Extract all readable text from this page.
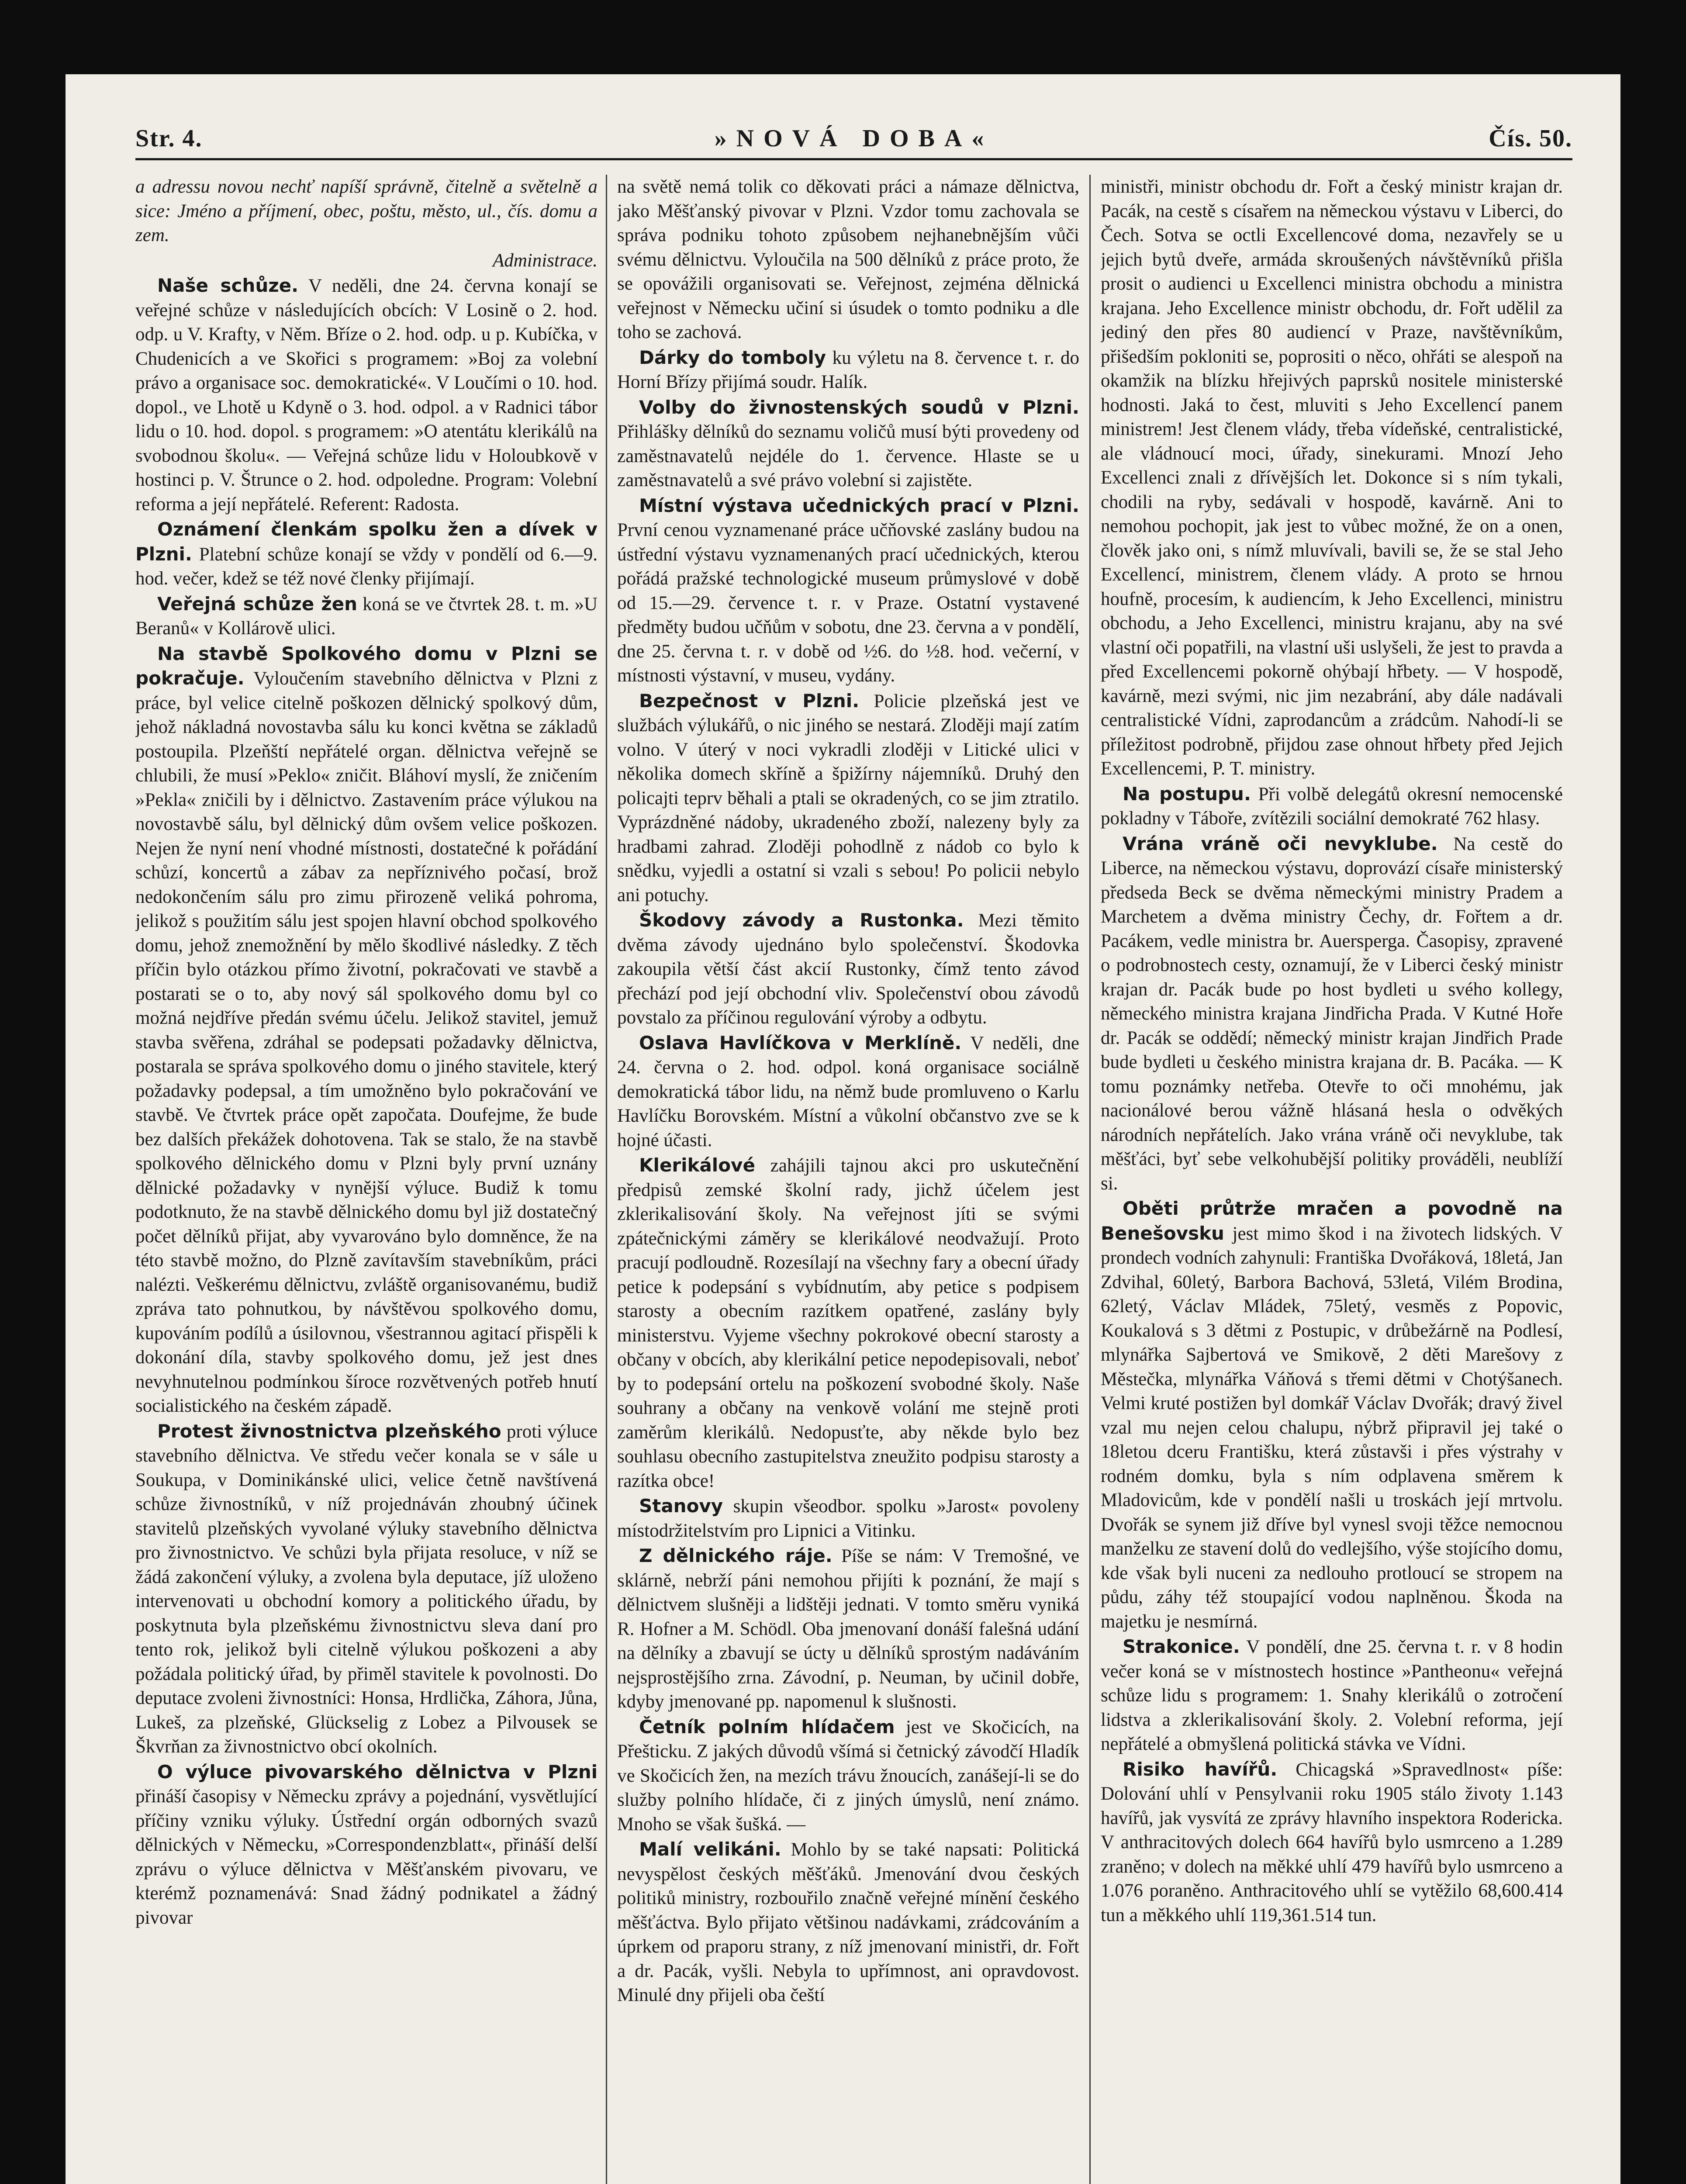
Str. 4.	»NOVÁ DOBA«	Čís. 50.

a adressu novou nechť napíší správně, čitelně a světelně a sice: Jméno a příjmení, obec, poštu, město, ul., čís. domu a zem.

Administrace.

Naše schůze. V neděli, dne 24. června konají se veřejné schůze v následujících obcích: V Losině o 2. hod. odp. u V. Krafty, v Něm. Bříze o 2. hod. odp. u p. Kubíčka, v Chudenicích a ve Skořici s programem: »Boj za volební právo a organisace soc. demokratické«. V Loučími o 10. hod. dopol., ve Lhotě u Kdyně o 3. hod. odpol. a v Radnici tábor lidu o 10. hod. dopol. s programem: »O atentátu klerikálů na svobodnou školu«. — Veřejná schůze lidu v Holoubkově v hostinci p. V. Štrunce o 2. hod. odpoledne. Program: Volební reforma a její nepřátelé. Referent: Radosta.

Oznámení členkám spolku žen a dívek v Plzni. Platební schůze konají se vždy v pondělí od 6.—9. hod. večer, kdež se též nové členky přijímají.

Veřejná schůze žen koná se ve čtvrtek 28. t. m. »U Beranů« v Kollárově ulici.

Na stavbě Spolkového domu v Plzni se pokračuje. Vyloučením stavebního dělnictva v Plzni z práce, byl velice citelně poškozen dělnický spolkový dům, jehož nákladná novostavba sálu ku konci května se základů postoupila. Plzeňští nepřátelé organ. dělnictva veřejně se chlubili, že musí »Peklo« zničit. Bláhoví myslí, že zničením »Pekla« zničili by i dělnictvo. Zastavením práce výlukou na novostavbě sálu, byl dělnický dům ovšem velice poškozen. Nejen že nyní není vhodné místnosti, dostatečné k pořádání schůzí, koncertů a zábav za nepříznivého počasí, brož nedokončením sálu pro zimu přirozeně veliká pohroma, jelikož s použitím sálu jest spojen hlavní obchod spolkového domu, jehož znemožnění by mělo škodlivé následky. Z těch příčin bylo otázkou přímo životní, pokračovati ve stavbě a postarati se o to, aby nový sál spolkového domu byl co možná nejdříve předán svému účelu. Jelikož stavitel, jemuž stavba svěřena, zdráhal se podepsati požadavky dělnictva, postarala se správa spolkového domu o jiného stavitele, který požadavky podepsal, a tím umožněno bylo pokračování ve stavbě. Ve čtvrtek práce opět započata. Doufejme, že bude bez dalších překážek dohotovena. Tak se stalo, že na stavbě spolkového dělnického domu v Plzni byly první uznány dělnické požadavky v nynější výluce. Budiž k tomu podotknuto, že na stavbě dělnického domu byl již dostatečný počet dělníků přijat, aby vyvarováno bylo domněnce, že na této stavbě možno, do Plzně zavítavším stavebníkům, práci nalézti. Veškerému dělnictvu, zvláště organisovanému, budiž zpráva tato pohnutkou, by návštěvou spolkového domu, kupováním podílů a úsilovnou, všestrannou agitací přispěli k dokonání díla, stavby spolkového domu, jež jest dnes nevyhnutelnou podmínkou šíroce rozvětvených potřeb hnutí socialistického na českém západě.

Protest živnostnictva plzeňského proti výluce stavebního dělnictva. Ve středu večer konala se v sále u Soukupa, v Dominikánské ulici, velice četně navštívená schůze živnostníků, v níž projednáván zhoubný účinek stavitelů plzeňských vyvolané výluky stavebního dělnictva pro živnostnictvo. Ve schůzi byla přijata resoluce, v níž se žádá zakončení výluky, a zvolena byla deputace, jíž uloženo intervenovati u obchodní komory a politického úřadu, by poskytnuta byla plzeňskému živnostnictvu sleva daní pro tento rok, jelikož byli citelně výlukou poškozeni a aby požádala politický úřad, by přiměl stavitele k povolnosti. Do deputace zvoleni živnostníci: Honsa, Hrdlička, Záhora, Jůna, Lukeš, za plzeňské, Glückselig z Lobez a Pilvousek se Škvrňan za živnostnictvo obcí okolních.

O výluce pivovarského dělnictva v Plzni přináší časopisy v Německu zprávy a pojednání, vysvětlující příčiny vzniku výluky. Ústřední orgán odborných svazů dělnických v Německu, »Correspondenzblatt«, přináší delší zprávu o výluce dělnictva v Měšťanském pivovaru, ve kterémž poznamenává: Snad žádný podnikatel a žádný pivovar

na světě nemá tolik co děkovati práci a námaze dělnictva, jako Měšťanský pivovar v Plzni. Vzdor tomu zachovala se správa podniku tohoto způsobem nejhanebnějším vůči svému dělnictvu. Vyloučila na 500 dělníků z práce proto, že se opovážili organisovati se. Veřejnost, zejména dělnická veřejnost v Německu učiní si úsudek o tomto podniku a dle toho se zachová.

Dárky do tomboly ku výletu na 8. července t. r. do Horní Břízy přijímá soudr. Halík.

Volby do živnostenských soudů v Plzni. Přihlášky dělníků do seznamu voličů musí býti provedeny od zaměstnavatelů nejdéle do 1. července. Hlaste se u zaměstnavatelů a své právo volební si zajistěte.

Místní výstava učednických prací v Plzni. První cenou vyznamenané práce učňovské zaslány budou na ústřední výstavu vyznamenaných prací učednických, kterou pořádá pražské technologické museum průmyslové v době od 15.—29. července t. r. v Praze. Ostatní vystavené předměty budou učňům v sobotu, dne 23. června a v pondělí, dne 25. června t. r. v době od ½6. do ½8. hod. večerní, v místnosti výstavní, v museu, vydány.

Bezpečnost v Plzni. Policie plzeňská jest ve službách výlukářů, o nic jiného se nestará. Zloději mají zatím volno. V úterý v noci vykradli zloději v Litické ulici v několika domech skříně a špižírny nájemníků. Druhý den policajti teprv běhali a ptali se okradených, co se jim ztratilo. Vyprázdněné nádoby, ukradeného zboží, nalezeny byly za hradbami zahrad. Zloději pohodlně z nádob co bylo k snědku, vyjedli a ostatní si vzali s sebou! Po policii nebylo ani potuchy.

Škodovy závody a Rustonka. Mezi těmito dvěma závody ujednáno bylo společenství. Škodovka zakoupila větší část akcií Rustonky, čímž tento závod přechází pod její obchodní vliv. Společenství obou závodů povstalo za příčinou regulování výroby a odbytu.

Oslava Havlíčkova v Merklíně. V neděli, dne 24. června o 2. hod. odpol. koná organisace sociálně demokratická tábor lidu, na němž bude promluveno o Karlu Havlíčku Borovském. Místní a vůkolní občanstvo zve se k hojné účasti.

Klerikálové zahájili tajnou akci pro uskutečnění předpisů zemské školní rady, jichž účelem jest zklerikalisování školy. Na veřejnost jíti se svými zpátečnickými záměry se klerikálové neodvažují. Proto pracují podloudně. Rozesílají na všechny fary a obecní úřady petice k podepsání s vybídnutím, aby petice s podpisem starosty a obecním razítkem opatřené, zaslány byly ministerstvu. Vyjeme všechny pokrokové obecní starosty a občany v obcích, aby klerikální petice nepodepisovali, neboť by to podepsání ortelu na poškození svobodné školy. Naše souhrany a občany na venkově volání me stejně proti zaměrům klerikálů. Nedopusťte, aby někde bylo bez souhlasu obecního zastupitelstva zneužito podpisu starosty a razítka obce!

Stanovy skupin všeodbor. spolku »Jarost« povoleny místodržitelstvím pro Lipnici a Vitinku.

Z dělnického ráje. Píše se nám: V Tremošné, ve sklárně, nebrží páni nemohou přijíti k poznání, že mají s dělnictvem slušněji a lidštěji jednati. V tomto směru vyniká R. Hofner a M. Schödl. Oba jmenovaní donáší falešná udání na dělníky a zbavují se úcty u dělníků sprostým nadáváním nejsprostějšího zrna. Závodní, p. Neuman, by učinil dobře, kdyby jmenované pp. napomenul k slušnosti.

Četník polním hlídačem jest ve Skočicích, na Přešticku. Z jakých důvodů všímá si četnický závodčí Hladík ve Skočicích žen, na mezích trávu žnoucích, zanášejí-li se do služby polního hlídače, či z jiných úmyslů, není známo. Mnoho se však šušká. —

Malí velikáni. Mohlo by se také napsati: Politická nevyspělost českých měšťáků. Jmenování dvou českých politiků ministry, rozbouřilo značně veřejné mínění českého měšťáctva. Bylo přijato většinou nadávkami, zrádcováním a úprkem od praporu strany, z níž jmenovaní ministři, dr. Fořt a dr. Pacák, vyšli. Nebyla to upřímnost, ani opravdovost. Minulé dny přijeli oba čeští

ministři, ministr obchodu dr. Fořt a český ministr krajan dr. Pacák, na cestě s císařem na německou výstavu v Liberci, do Čech. Sotva se octli Excellencové doma, nezavřely se u jejich bytů dveře, armáda skroušených návštěvníků přišla prosit o audienci u Excellenci ministra obchodu a ministra krajana. Jeho Excellence ministr obchodu, dr. Fořt udělil za jediný den přes 80 audiencí v Praze, navštěvníkům, přišedším pokloniti se, poprositi o něco, ohřáti se alespoň na okamžik na blízku hřejivých paprsků nositele ministerské hodnosti. Jaká to čest, mluviti s Jeho Excellencí panem ministrem! Jest členem vlády, třeba vídeňské, centralistické, ale vládnoucí moci, úřady, sinekurami. Mnozí Jeho Excellenci znali z dřívějších let. Dokonce si s ním tykali, chodili na ryby, sedávali v hospodě, kavárně. Ani to nemohou pochopit, jak jest to vůbec možné, že on a onen, člověk jako oni, s nímž mluvívali, bavili se, že se stal Jeho Excellencí, ministrem, členem vlády. A proto se hrnou houfně, procesím, k audiencím, k Jeho Excellenci, ministru obchodu, a Jeho Excellenci, ministru krajanu, aby na své vlastní oči popatřili, na vlastní uši uslyšeli, že jest to pravda a před Excellencemi pokorně ohýbají hřbety. — V hospodě, kavárně, mezi svými, nic jim nezabrání, aby dále nadávali centralistické Vídni, zaprodancům a zrádcům. Nahodí-li se příležitost podrobně, přijdou zase ohnout hřbety před Jejich Excellencemi, P. T. ministry.

Na postupu. Při volbě delegátů okresní nemocenské pokladny v Táboře, zvítězili sociální demokraté 762 hlasy.

Vrána vráně oči nevyklube. Na cestě do Liberce, na německou výstavu, doprovází císaře ministerský předseda Beck se dvěma německými ministry Pradem a Marchetem a dvěma ministry Čechy, dr. Fořtem a dr. Pacákem, vedle ministra br. Auersperga. Časopisy, zpravené o podrobnostech cesty, oznamují, že v Liberci český ministr krajan dr. Pacák bude po host bydleti u svého kollegy, německého ministra krajana Jindřicha Prada. V Kutné Hoře dr. Pacák se oddědí; německý ministr krajan Jindřich Prade bude bydleti u českého ministra krajana dr. B. Pacáka. — K tomu poznámky netřeba. Otevře to oči mnohému, jak nacionálové berou vážně hlásaná hesla o odvěkých národních nepřátelích. Jako vrána vráně oči nevyklube, tak měšťáci, byť sebe velkohubější politiky prováděli, neublíží si.

Oběti průtrže mračen a povodně na Benešovsku jest mimo škod i na životech lidských. V prondech vodních zahynuli: Františka Dvořáková, 18letá, Jan Zdvihal, 60letý, Barbora Bachová, 53letá, Vilém Brodina, 62letý, Václav Mládek, 75letý, vesměs z Popovic, Koukalová s 3 dětmi z Postupic, v drůbežárně na Podlesí, mlynářka Sajbertová ve Smikově, 2 děti Marešovy z Městečka, mlynářka Váňová s třemi dětmi v Chotýšanech. Velmi kruté postižen byl domkář Václav Dvořák; dravý živel vzal mu nejen celou chalupu, nýbrž připravil jej také o 18letou dceru Františku, která zůstavši i přes výstrahy v rodném domku, byla s ním odplavena směrem k Mladovicům, kde v pondělí našli u troskách její mrtvolu. Dvořák se synem již dříve byl vynesl svoji těžce nemocnou manželku ze stavení dolů do vedlejšího, výše stojícího domu, kde však byli nuceni za nedlouho protloucí se stropem na půdu, záhy též stoupající vodou naplněnou. Škoda na majetku je nesmírná.

Strakonice. V pondělí, dne 25. června t. r. v 8 hodin večer koná se v místnostech hostince »Pantheonu« veřejná schůze lidu s programem: 1. Snahy klerikálů o zotročení lidstva a zklerikalisování školy. 2. Volební reforma, její nepřátelé a obmyšlená politická stávka ve Vídni.

Risiko havířů. Chicagská »Spravedlnost« píše: Dolování uhlí v Pensylvanii roku 1905 stálo životy 1.143 havířů, jak vysvítá ze zprávy hlavního inspektora Rodericka. V anthracitových dolech 664 havířů bylo usmrceno a 1.289 zraněno; v dolech na měkké uhlí 479 havířů bylo usmrceno a 1.076 poraněno. Anthracitového uhlí se vytěžilo 68,600.414 tun a měkkého uhlí 119,361.514 tun.
